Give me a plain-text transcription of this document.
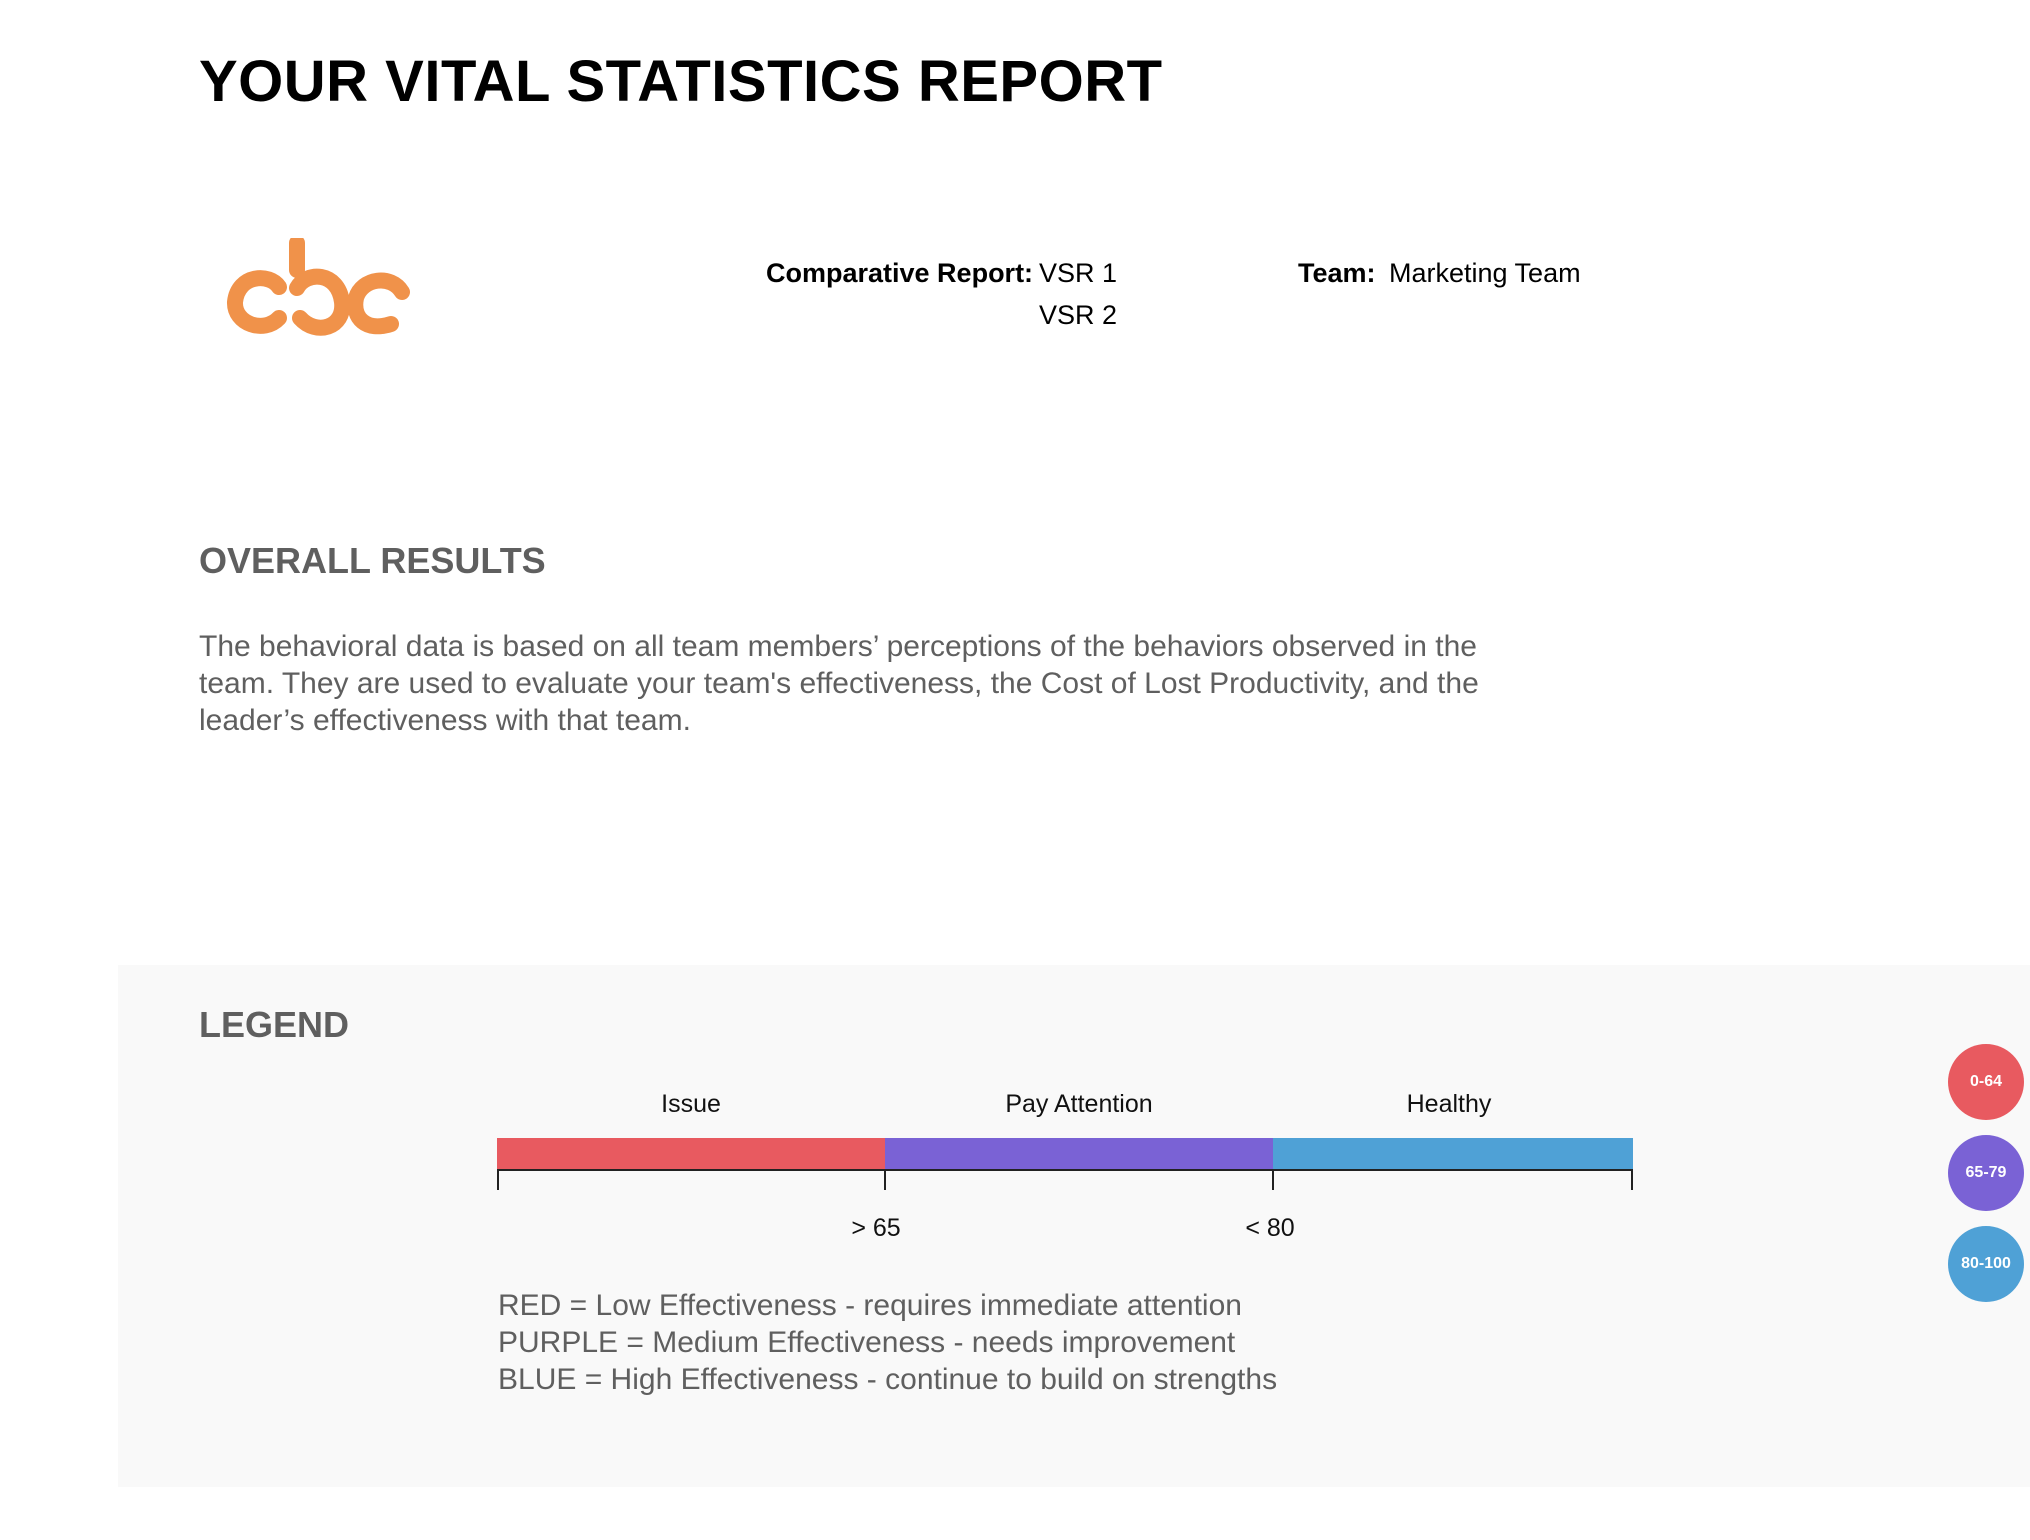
YOUR VITAL STATISTICS REPORT
Comparative Report: VSR 1
VSR 2
Team: Marketing Team
OVERALL RESULTS

The behavioral data is based on all team members’ perceptions of the behaviors observed in the team. They are used to evaluate your team's effectiveness, the Cost of Lost Productivity, and the leader’s effectiveness with that team.

LEGEND
Issue	Pay Attention	Healthy
> 65	< 80
RED = Low Effectiveness - requires immediate attention
PURPLE = Medium Effectiveness - needs improvement
BLUE = High Effectiveness - continue to build on strengths
0-64
65-79
80-100
